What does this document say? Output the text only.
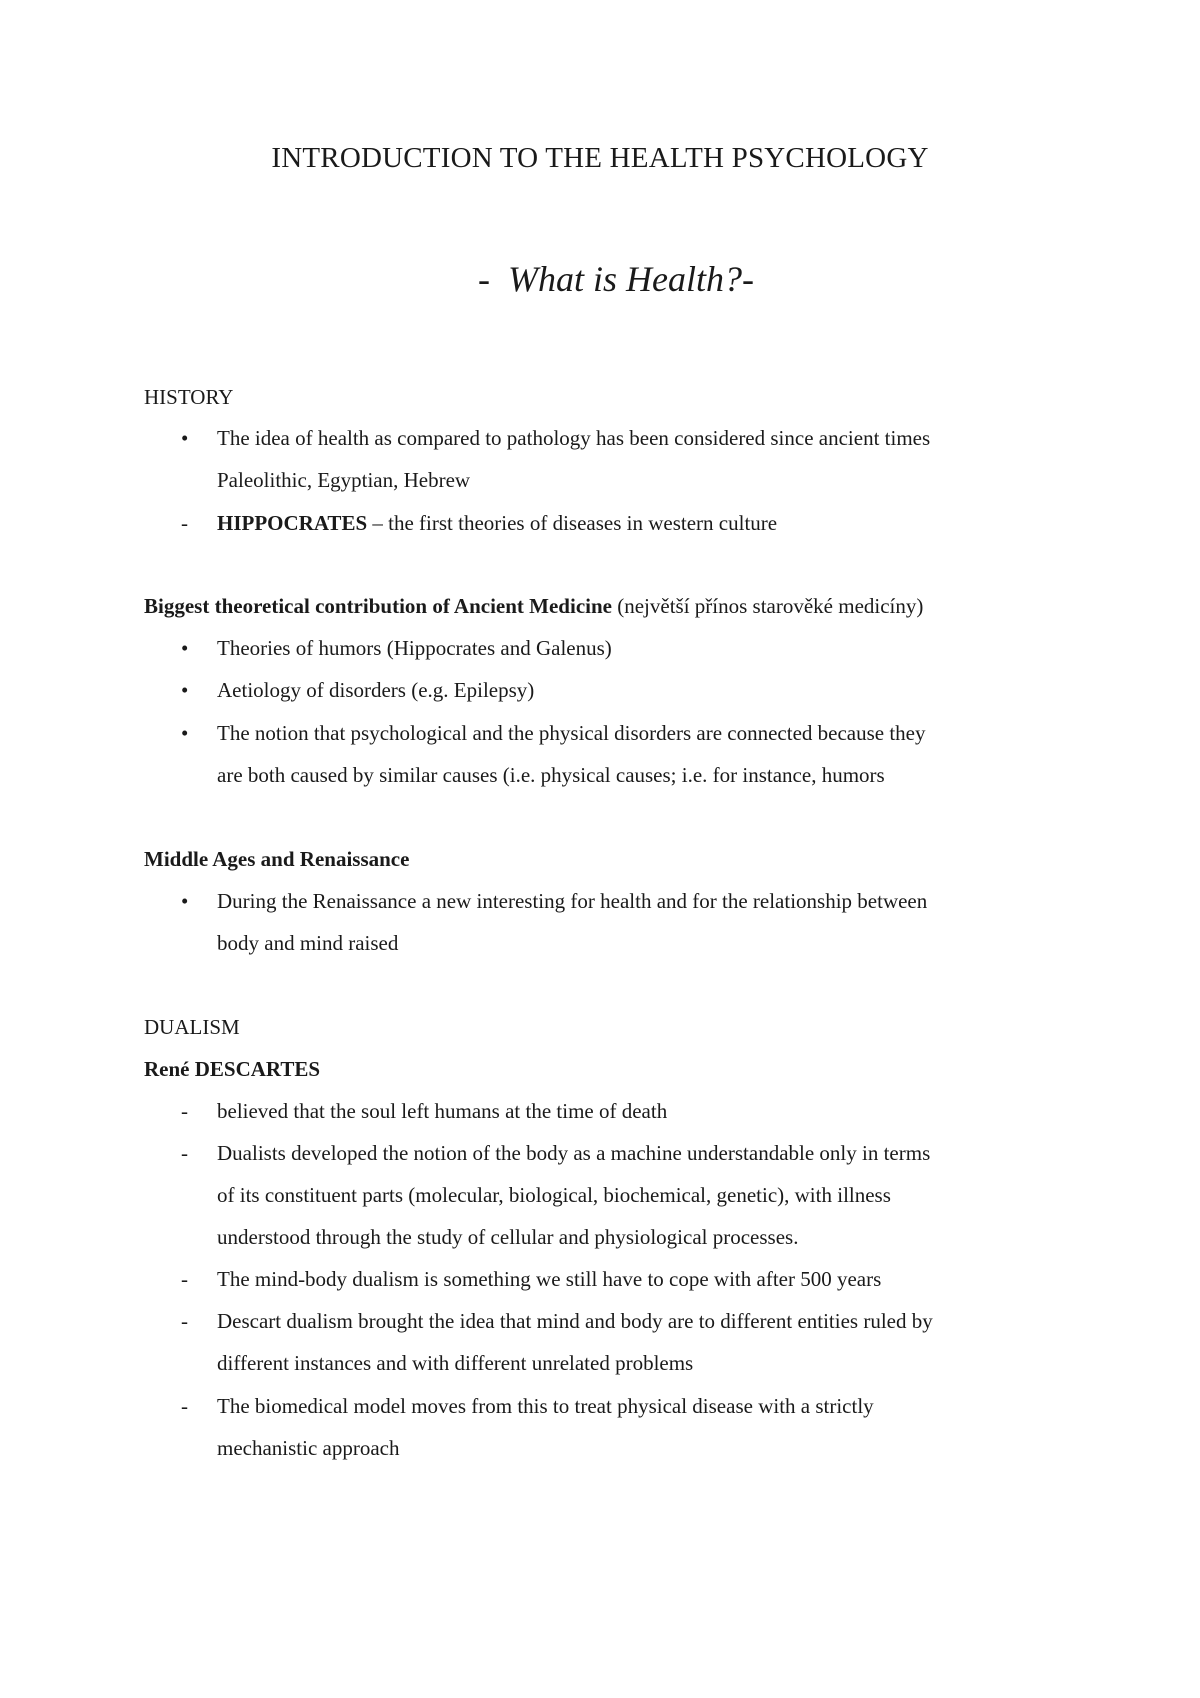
INTRODUCTION TO THE HEALTH PSYCHOLOGY
- What is Health?-
HISTORY
• The idea of health as compared to pathology has been considered since ancient times
Paleolithic, Egyptian, Hebrew
- HIPPOCRATES – the first theories of diseases in western culture
Biggest theoretical contribution of Ancient Medicine (největší přínos starověké medicíny)
• Theories of humors (Hippocrates and Galenus)
• Aetiology of disorders (e.g. Epilepsy)
• The notion that psychological and the physical disorders are connected because they
are both caused by similar causes (i.e. physical causes; i.e. for instance, humors
Middle Ages and Renaissance
• During the Renaissance a new interesting for health and for the relationship between
body and mind raised
DUALISM
René DESCARTES
- believed that the soul left humans at the time of death
- Dualists developed the notion of the body as a machine understandable only in terms
of its constituent parts (molecular, biological, biochemical, genetic), with illness
understood through the study of cellular and physiological processes.
- The mind-body dualism is something we still have to cope with after 500 years
- Descart dualism brought the idea that mind and body are to different entities ruled by
different instances and with different unrelated problems
- The biomedical model moves from this to treat physical disease with a strictly
mechanistic approach
